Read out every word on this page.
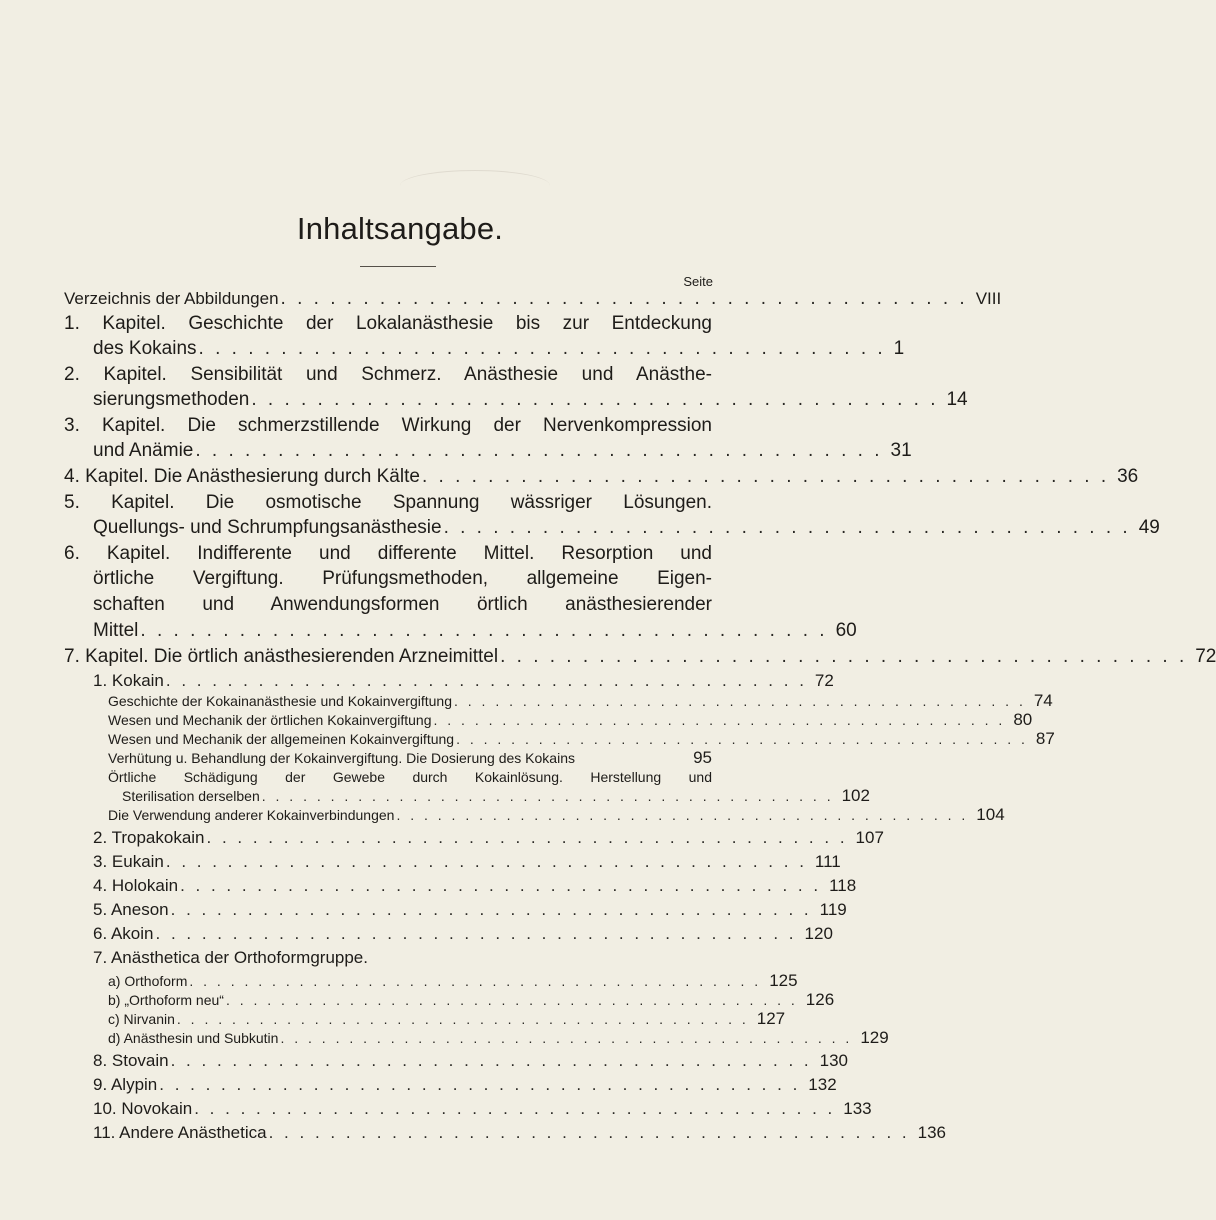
Inhaltsangabe.
Seite
Verzeichnis der Abbildungen . . . . . . . . . . . . . . . . . . . . . . . . . . . . . . . . . . . . . . . . . . VIII
1. Kapitel. Geschichte der Lokalanästhesie bis zur Entdeckung
des Kokains . . . . . . . . . . . . . . . . . . . . . . . . . . . . . . . . . . . . . . . . . . 1
2. Kapitel. Sensibilität und Schmerz. Anästhesie und Anästhe-
sierungsmethoden . . . . . . . . . . . . . . . . . . . . . . . . . . . . . . . . . . . . . . . . . . 14
3. Kapitel. Die schmerzstillende Wirkung der Nervenkompression
und Anämie . . . . . . . . . . . . . . . . . . . . . . . . . . . . . . . . . . . . . . . . . . 31
4. Kapitel. Die Anästhesierung durch Kälte . . . . . . . . . . . . . . . . . . . . . . . . . . . . . . . . . . . . . . . . . . 36
5. Kapitel. Die osmotische Spannung wässriger Lösungen.
Quellungs- und Schrumpfungsanästhesie . . . . . . . . . . . . . . . . . . . . . . . . . . . . . . . . . . . . . . . . . . 49
6. Kapitel. Indifferente und differente Mittel. Resorption und
örtliche Vergiftung. Prüfungsmethoden, allgemeine Eigen-
schaften und Anwendungsformen örtlich anästhesierender
Mittel . . . . . . . . . . . . . . . . . . . . . . . . . . . . . . . . . . . . . . . . . . 60
7. Kapitel. Die örtlich anästhesierenden Arzneimittel . . . . . . . . . . . . . . . . . . . . . . . . . . . . . . . . . . . . . . . . . . 72
1. Kokain . . . . . . . . . . . . . . . . . . . . . . . . . . . . . . . . . . . . . . . . . . 72
Geschichte der Kokainanästhesie und Kokainvergiftung . . . . . . . . . . . . . . . . . . . . . . . . . . . . . . . . . . . . . . . . . . 74
Wesen und Mechanik der örtlichen Kokainvergiftung . . . . . . . . . . . . . . . . . . . . . . . . . . . . . . . . . . . . . . . . . . 80
Wesen und Mechanik der allgemeinen Kokainvergiftung . . . . . . . . . . . . . . . . . . . . . . . . . . . . . . . . . . . . . . . . . . 87
Verhütung u. Behandlung der Kokainvergiftung. Die Dosierung des Kokains	95
Örtliche Schädigung der Gewebe durch Kokainlösung. Herstellung und
Sterilisation derselben . . . . . . . . . . . . . . . . . . . . . . . . . . . . . . . . . . . . . . . . . . 102
Die Verwendung anderer Kokainverbindungen . . . . . . . . . . . . . . . . . . . . . . . . . . . . . . . . . . . . . . . . . . 104
2. Tropakokain . . . . . . . . . . . . . . . . . . . . . . . . . . . . . . . . . . . . . . . . . . 107
3. Eukain . . . . . . . . . . . . . . . . . . . . . . . . . . . . . . . . . . . . . . . . . . 111
4. Holokain . . . . . . . . . . . . . . . . . . . . . . . . . . . . . . . . . . . . . . . . . . 118
5. Aneson . . . . . . . . . . . . . . . . . . . . . . . . . . . . . . . . . . . . . . . . . . 119
6. Akoin . . . . . . . . . . . . . . . . . . . . . . . . . . . . . . . . . . . . . . . . . . 120
7. Anästhetica der Orthoformgruppe.
a) Orthoform . . . . . . . . . . . . . . . . . . . . . . . . . . . . . . . . . . . . . . . . . . 125
b) „Orthoform neu“ . . . . . . . . . . . . . . . . . . . . . . . . . . . . . . . . . . . . . . . . . . 126
c) Nirvanin . . . . . . . . . . . . . . . . . . . . . . . . . . . . . . . . . . . . . . . . . . 127
d) Anästhesin und Subkutin . . . . . . . . . . . . . . . . . . . . . . . . . . . . . . . . . . . . . . . . . . 129
8. Stovain . . . . . . . . . . . . . . . . . . . . . . . . . . . . . . . . . . . . . . . . . . 130
9. Alypin . . . . . . . . . . . . . . . . . . . . . . . . . . . . . . . . . . . . . . . . . . 132
10. Novokain . . . . . . . . . . . . . . . . . . . . . . . . . . . . . . . . . . . . . . . . . . 133
11. Andere Anästhetica . . . . . . . . . . . . . . . . . . . . . . . . . . . . . . . . . . . . . . . . . . 136
